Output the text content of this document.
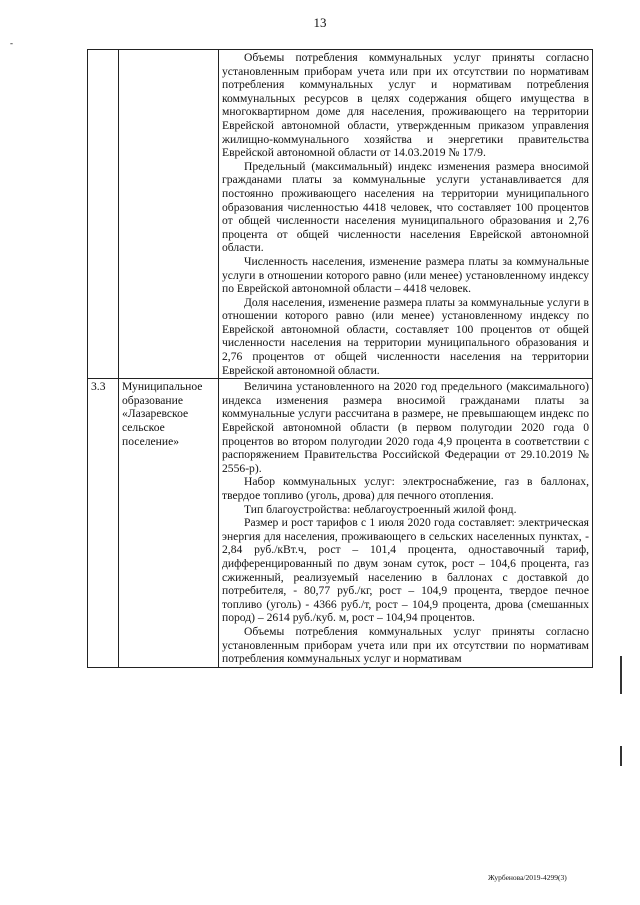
13
-

		Объемы потребления коммунальных услуг приняты согласно установленным приборам учета или при их отсутствии по нормативам потребления коммунальных услуг и нормативам потребления коммунальных ресурсов в целях содержания общего имущества в многоквартирном доме для населения, проживающего на территории Еврейской автономной области, утвержденным приказом управления жилищно-коммунального хозяйства и энергетики правительства Еврейской автономной области от 14.03.2019 № 17/9.

Предельный (максимальный) индекс изменения размера вносимой гражданами платы за коммунальные услуги устанавливается для постоянно проживающего населения на территории муниципального образования численностью 4418 человек, что составляет 100 процентов от общей численности населения муниципального образования и 2,76 процента от общей численности населения Еврейской автономной области.

Численность населения, изменение размера платы за коммунальные услуги в отношении которого равно (или менее) установленному индексу по Еврейской автономной области – 4418 человек.

Доля населения, изменение размера платы за коммунальные услуги в отношении которого равно (или менее) установленному индексу по Еврейской автономной области, составляет 100 процентов от общей численности населения на территории муниципального образования и 2,76 процентов от общей численности населения на территории Еврейской автономной области.

3.3	Муниципальное образование «Лазаревское сельское поселение»	Величина установленного на 2020 год предельного (максимального) индекса изменения размера вносимой гражданами платы за коммунальные услуги рассчитана в размере, не превышающем индекс по Еврейской автономной области (в первом полугодии 2020 года 0 процентов во втором полугодии 2020 года 4,9 процента в соответствии с распоряжением Правительства Российской Федерации от 29.10.2019 № 2556-р).

Набор коммунальных услуг: электроснабжение, газ в баллонах, твердое топливо (уголь, дрова) для печного отопления.

Тип благоустройства: неблагоустроенный жилой фонд.

Размер и рост тарифов с 1 июля 2020 года составляет: электрическая энергия для населения, проживающего в сельских населенных пунктах, - 2,84 руб./кВт.ч, рост – 101,4 процента, одноставочный тариф, дифференцированный по двум зонам суток, рост – 104,6 процента, газ сжиженный, реализуемый населению в баллонах с доставкой до потребителя, - 80,77 руб./кг, рост – 104,9 процента, твердое печное топливо (уголь) - 4366 руб./т, рост – 104,9 процента, дрова (смешанных пород) – 2614 руб./куб. м, рост – 104,94 процентов.

Объемы потребления коммунальных услуг приняты согласно установленным приборам учета или при их отсутствии по нормативам потребления коммунальных услуг и нормативам

Журбенова/2019-4299(3)
